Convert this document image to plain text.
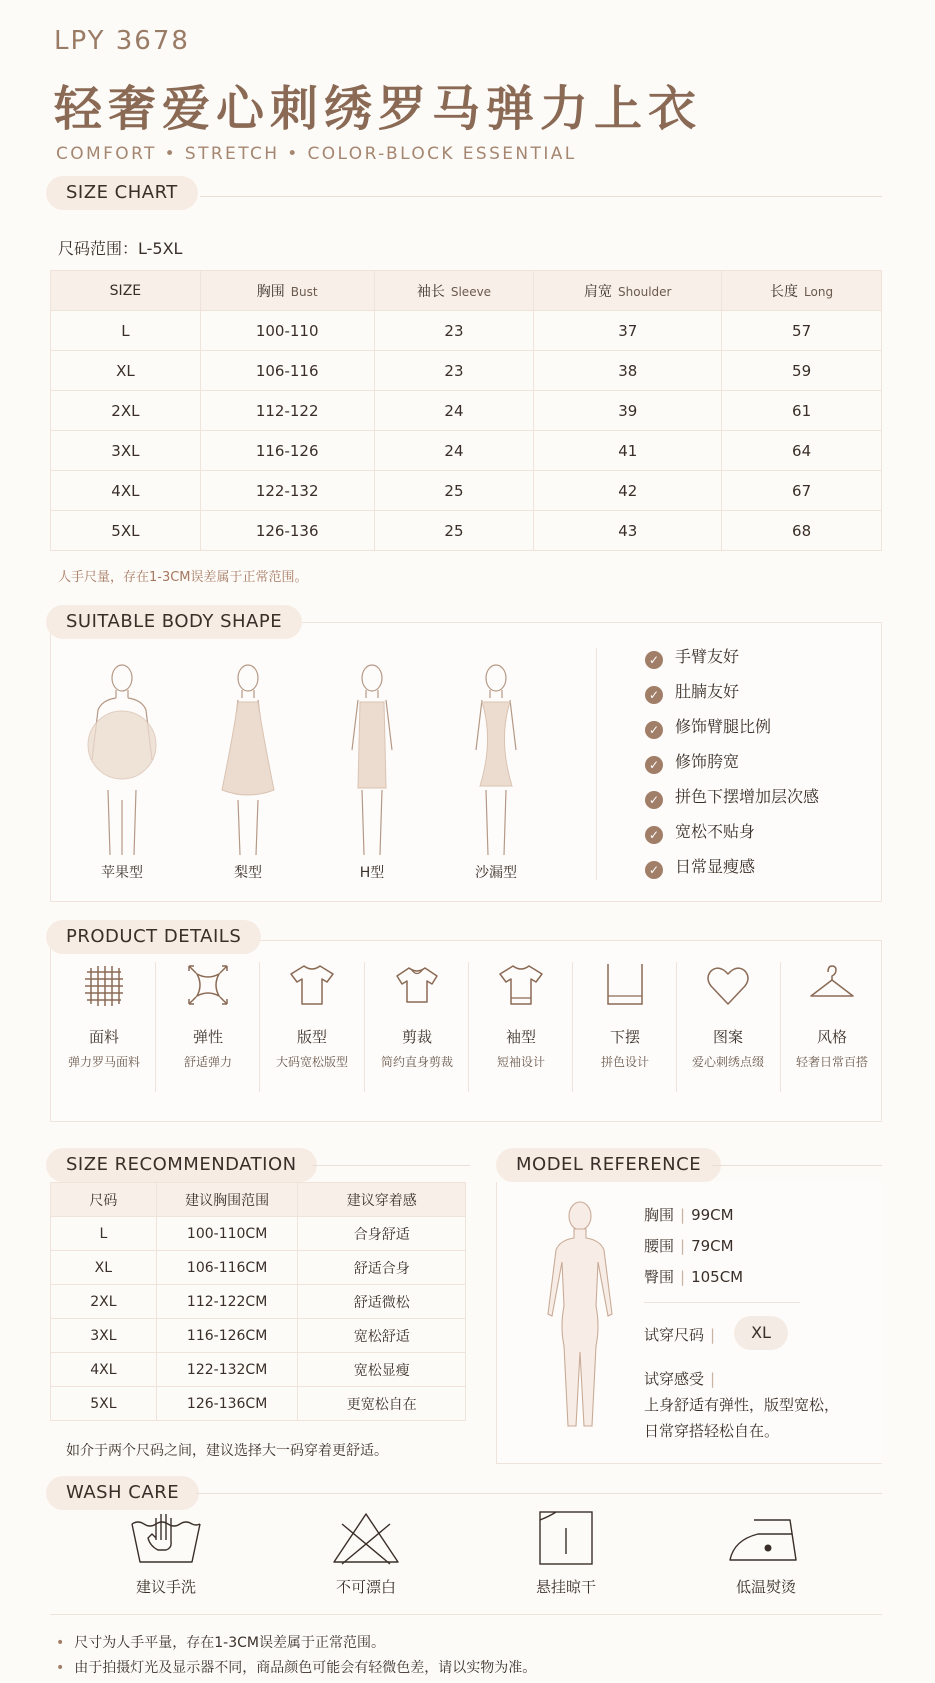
LPY 3678
轻奢爱心刺绣罗马弹力上衣
COMFORT • STRETCH • COLOR-BLOCK ESSENTIAL
SIZE CHART
尺码范围：L-5XL
SIZE	胸围 Bust	袖长 Sleeve	肩宽 Shoulder	长度 Long
L	100-110	23	37	57
XL	106-116	23	38	59
2XL	112-122	24	39	61
3XL	116-126	24	41	64
4XL	122-132	25	42	67
5XL	126-136	25	43	68
人手尺量，存在1-3CM误差属于正常范围。
SUITABLE BODY SHAPE
苹果型	梨型	H型	沙漏型
✓ 手臂友好
✓ 肚腩友好
✓ 修饰臂腿比例
✓ 修饰胯宽
✓ 拼色下摆增加层次感
✓ 宽松不贴身
✓ 日常显瘦感
PRODUCT DETAILS
面料
弹力罗马面料
弹性
舒适弹力
版型
大码宽松版型
剪裁
简约直身剪裁
袖型
短袖设计
下摆
拼色设计
图案
爱心刺绣点缀
风格
轻奢日常百搭
SIZE RECOMMENDATION
尺码	建议胸围范围	建议穿着感
L	100-110CM	合身舒适
XL	106-116CM	舒适合身
2XL	112-122CM	舒适微松
3XL	116-126CM	宽松舒适
4XL	122-132CM	宽松显瘦
5XL	126-136CM	更宽松自在
如介于两个尺码之间，建议选择大一码穿着更舒适。
MODEL REFERENCE
胸围 | 99CM
腰围 | 79CM
臀围 | 105CM
试穿尺码 |	XL
试穿感受 |
上身舒适有弹性，版型宽松，
日常穿搭轻松自在。
WASH CARE
建议手洗	不可漂白	悬挂晾干	低温熨烫
• 尺寸为人手平量，存在1-3CM误差属于正常范围。
• 由于拍摄灯光及显示器不同，商品颜色可能会有轻微色差，请以实物为准。
